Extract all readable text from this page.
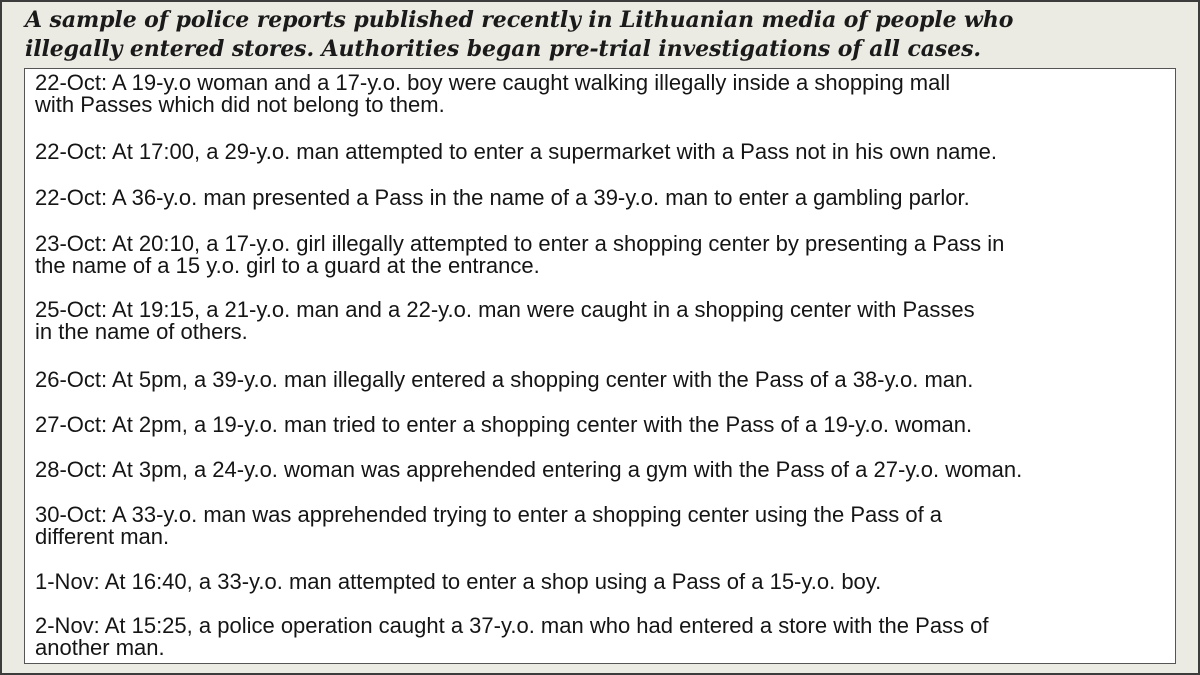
A sample of police reports published recently in Lithuanian media of people who
illegally entered stores. Authorities began pre-trial investigations of all cases.
22-Oct: A 19-y.o woman and a 17-y.o. boy were caught walking illegally inside a shopping mall
with Passes which did not belong to them.
22-Oct: At 17:00, a 29-y.o. man attempted to enter a supermarket with a Pass not in his own name.
22-Oct: A 36-y.o. man presented a Pass in the name of a 39-y.o. man to enter a gambling parlor.
23-Oct: At 20:10, a 17-y.o. girl illegally attempted to enter a shopping center by presenting a Pass in
the name of a 15 y.o. girl to a guard at the entrance.
25-Oct: At 19:15, a 21-y.o. man and a 22-y.o. man were caught in a shopping center with Passes
in the name of others.
26-Oct: At 5pm, a 39-y.o. man illegally entered a shopping center with the Pass of a 38-y.o. man.
27-Oct: At 2pm, a 19-y.o. man tried to enter a shopping center with the Pass of a 19-y.o. woman.
28-Oct: At 3pm, a 24-y.o. woman was apprehended entering a gym with the Pass of a 27-y.o. woman.
30-Oct: A 33-y.o. man was apprehended trying to enter a shopping center using the Pass of a
different man.
1-Nov: At 16:40, a 33-y.o. man attempted to enter a shop using a Pass of a 15-y.o. boy.
2-Nov: At 15:25, a police operation caught a 37-y.o. man who had entered a store with the Pass of
another man.
